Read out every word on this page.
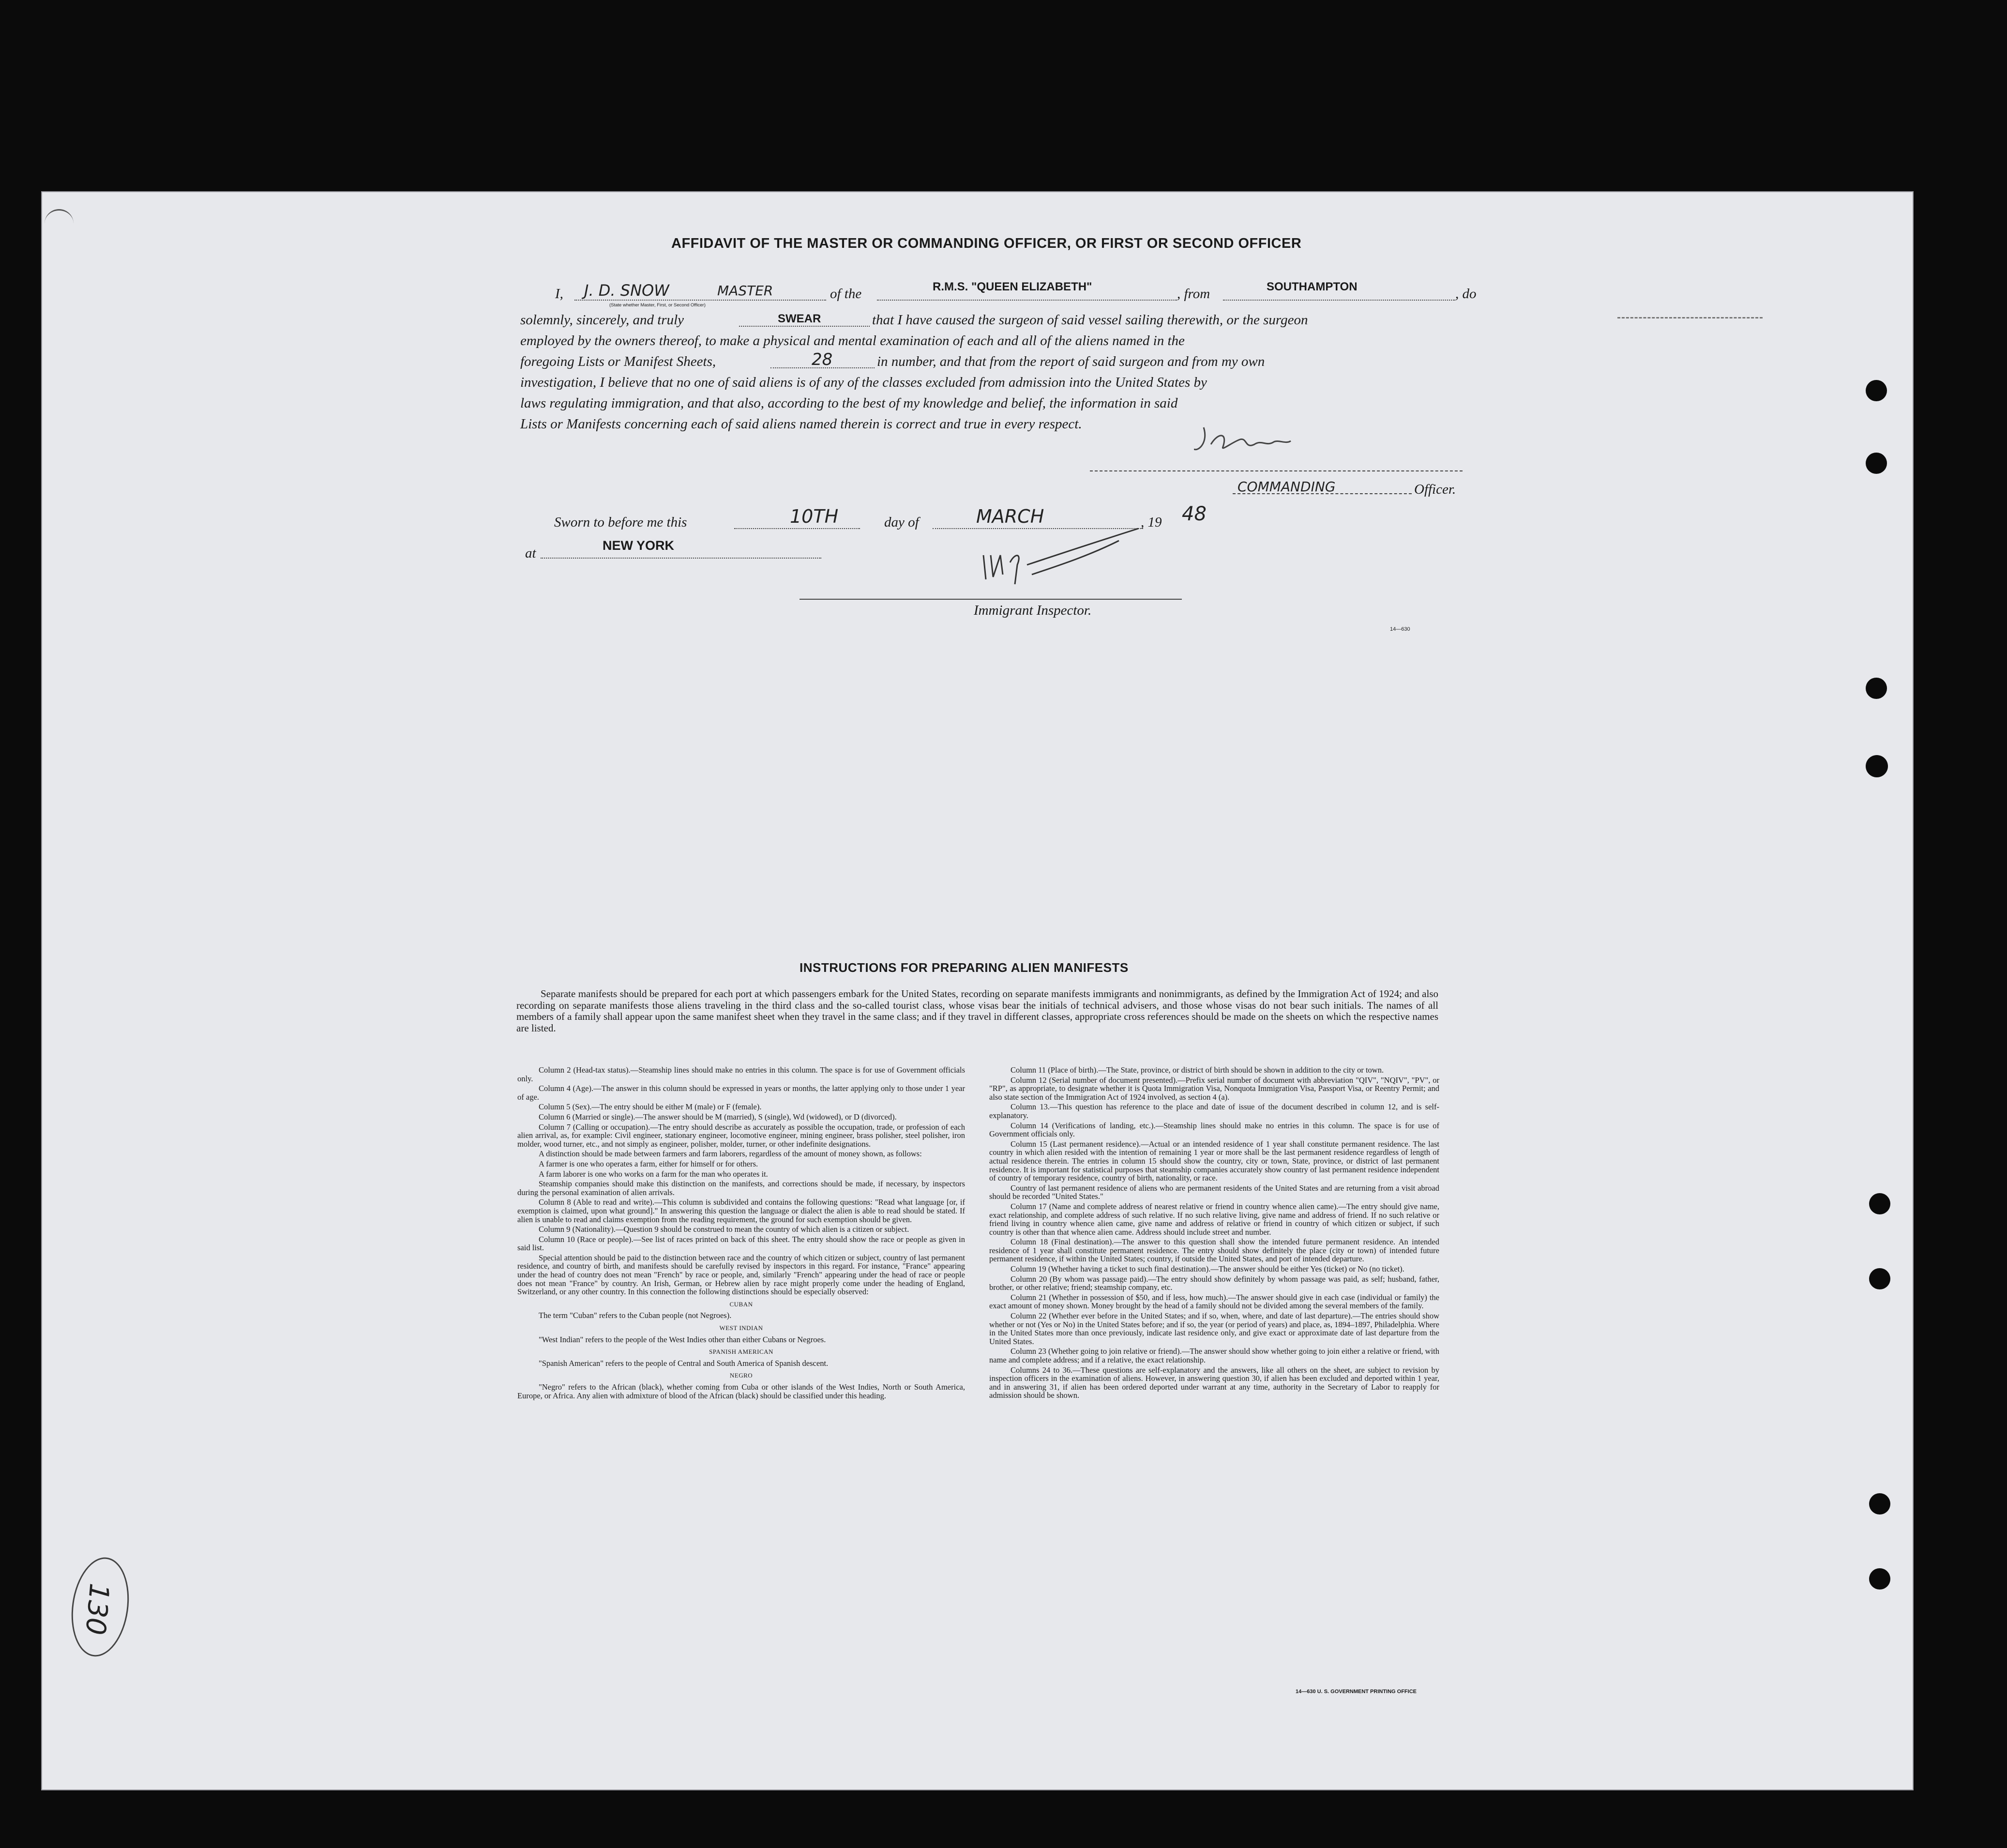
AFFIDAVIT OF THE MASTER OR COMMANDING OFFICER, OR FIRST OR SECOND OFFICER
I, J. D. SNOW	MASTER	of the	R.M.S. "QUEEN ELIZABETH"	, from	SOUTHAMPTON	, do
(State whether Master, First, or Second Officer)
solemnly, sincerely, and truly	SWEAR	that I have caused the surgeon of said vessel sailing therewith, or the surgeon
employed by the owners thereof, to make a physical and mental examination of each and all of the aliens named in the
foregoing Lists or Manifest Sheets,	28	in number, and that from the report of said surgeon and from my own
investigation, I believe that no one of said aliens is of any of the classes excluded from admission into the United States by
laws regulating immigration, and that also, according to the best of my knowledge and belief, the information in said
Lists or Manifests concerning each of said aliens named therein is correct and true in every respect.
COMMANDING	Officer.
Sworn to before me this	10TH	day of	MARCH	, 19 48
at	NEW YORK
Immigrant Inspector.
14—630
INSTRUCTIONS FOR PREPARING ALIEN MANIFESTS
Separate manifests should be prepared for each port at which passengers embark for the United States, recording on separate manifests immigrants and nonimmigrants, as defined by the Immigration Act of 1924; and also recording on separate manifests those aliens traveling in the third class and the so-called tourist class, whose visas bear the initials of technical advisers, and those whose visas do not bear such initials. The names of all members of a family shall appear upon the same manifest sheet when they travel in the same class; and if they travel in different classes, appropriate cross references should be made on the sheets on which the respective names are listed.

Column 2 (Head-tax status).—Steamship lines should make no entries in this column. The space is for use of Government officials only.

Column 4 (Age).—The answer in this column should be expressed in years or months, the latter applying only to those under 1 year of age.

Column 5 (Sex).—The entry should be either M (male) or F (female).

Column 6 (Married or single).—The answer should be M (married), S (single), Wd (widowed), or D (divorced).

Column 7 (Calling or occupation).—The entry should describe as accurately as possible the occupation, trade, or profession of each alien arrival, as, for example: Civil engineer, stationary engineer, locomotive engineer, mining engineer, brass polisher, steel polisher, iron molder, wood turner, etc., and not simply as engineer, polisher, molder, turner, or other indefinite designations.

A distinction should be made between farmers and farm laborers, regardless of the amount of money shown, as follows:

A farmer is one who operates a farm, either for himself or for others.

A farm laborer is one who works on a farm for the man who operates it.

Steamship companies should make this distinction on the manifests, and corrections should be made, if necessary, by inspectors during the personal examination of alien arrivals.

Column 8 (Able to read and write).—This column is subdivided and contains the following questions: "Read what language [or, if exemption is claimed, upon what ground]." In answering this question the language or dialect the alien is able to read should be stated. If alien is unable to read and claims exemption from the reading requirement, the ground for such exemption should be given.

Column 9 (Nationality).—Question 9 should be construed to mean the country of which alien is a citizen or subject.

Column 10 (Race or people).—See list of races printed on back of this sheet. The entry should show the race or people as given in said list.

Special attention should be paid to the distinction between race and the country of which citizen or subject, country of last permanent residence, and country of birth, and manifests should be carefully revised by inspectors in this regard. For instance, "France" appearing under the head of country does not mean "French" by race or people, and, similarly "French" appearing under the head of race or people does not mean "France" by country. An Irish, German, or Hebrew alien by race might properly come under the heading of England, Switzerland, or any other country. In this connection the following distinctions should be especially observed:

CUBAN

The term "Cuban" refers to the Cuban people (not Negroes).

WEST INDIAN

"West Indian" refers to the people of the West Indies other than either Cubans or Negroes.

SPANISH AMERICAN

"Spanish American" refers to the people of Central and South America of Spanish descent.

NEGRO

"Negro" refers to the African (black), whether coming from Cuba or other islands of the West Indies, North or South America, Europe, or Africa. Any alien with admixture of blood of the African (black) should be classified under this heading.

Column 11 (Place of birth).—The State, province, or district of birth should be shown in addition to the city or town.

Column 12 (Serial number of document presented).—Prefix serial number of document with abbreviation "QIV", "NQIV", "PV", or "RP", as appropriate, to designate whether it is Quota Immigration Visa, Nonquota Immigration Visa, Passport Visa, or Reentry Permit; and also state section of the Immigration Act of 1924 involved, as section 4 (a).

Column 13.—This question has reference to the place and date of issue of the document described in column 12, and is self-explanatory.

Column 14 (Verifications of landing, etc.).—Steamship lines should make no entries in this column. The space is for use of Government officials only.

Column 15 (Last permanent residence).—Actual or an intended residence of 1 year shall constitute permanent residence. The last country in which alien resided with the intention of remaining 1 year or more shall be the last permanent residence regardless of length of actual residence therein. The entries in column 15 should show the country, city or town, State, province, or district of last permanent residence. It is important for statistical purposes that steamship companies accurately show country of last permanent residence independent of country of temporary residence, country of birth, nationality, or race.

Country of last permanent residence of aliens who are permanent residents of the United States and are returning from a visit abroad should be recorded "United States."

Column 17 (Name and complete address of nearest relative or friend in country whence alien came).—The entry should give name, exact relationship, and complete address of such relative. If no such relative living, give name and address of friend. If no such relative or friend living in country whence alien came, give name and address of relative or friend in country of which citizen or subject, if such country is other than that whence alien came. Address should include street and number.

Column 18 (Final destination).—The answer to this question shall show the intended future permanent residence. An intended residence of 1 year shall constitute permanent residence. The entry should show definitely the place (city or town) of intended future permanent residence, if within the United States; country, if outside the United States, and port of intended departure.

Column 19 (Whether having a ticket to such final destination).—The answer should be either Yes (ticket) or No (no ticket).

Column 20 (By whom was passage paid).—The entry should show definitely by whom passage was paid, as self; husband, father, brother, or other relative; friend; steamship company, etc.

Column 21 (Whether in possession of $50, and if less, how much).—The answer should give in each case (individual or family) the exact amount of money shown. Money brought by the head of a family should not be divided among the several members of the family.

Column 22 (Whether ever before in the United States; and if so, when, where, and date of last departure).—The entries should show whether or not (Yes or No) in the United States before; and if so, the year (or period of years) and place, as, 1894–1897, Philadelphia. Where in the United States more than once previously, indicate last residence only, and give exact or approximate date of last departure from the United States.

Column 23 (Whether going to join relative or friend).—The answer should show whether going to join either a relative or friend, with name and complete address; and if a relative, the exact relationship.

Columns 24 to 36.—These questions are self-explanatory and the answers, like all others on the sheet, are subject to revision by inspection officers in the examination of aliens. However, in answering question 30, if alien has been excluded and deported within 1 year, and in answering 31, if alien has been ordered deported under warrant at any time, authority in the Secretary of Labor to reapply for admission should be shown.

14—630 U. S. GOVERNMENT PRINTING OFFICE
130
